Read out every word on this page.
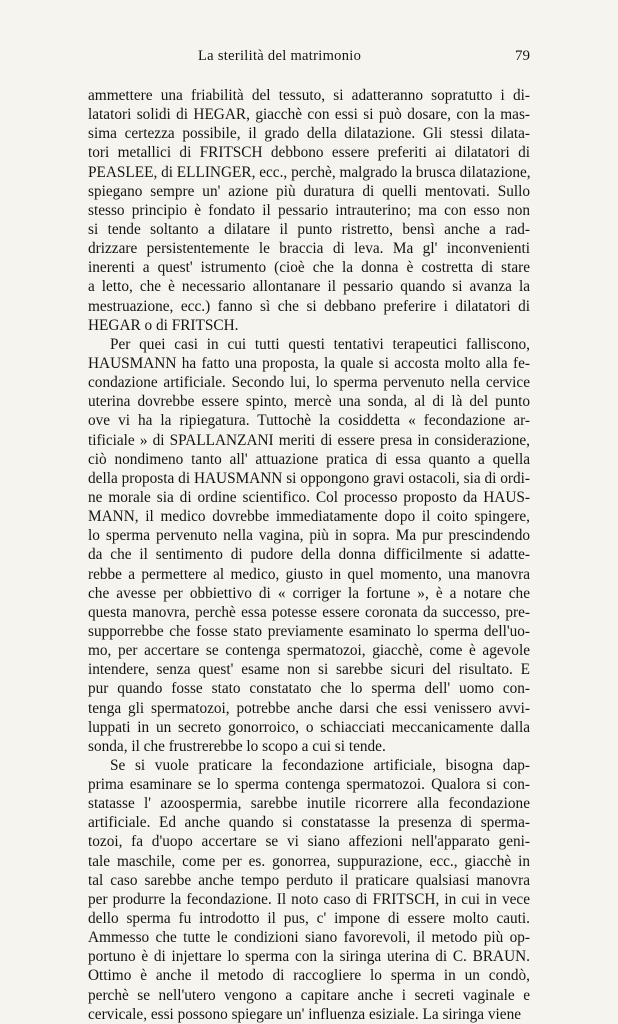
La sterilità del matrimonio	79
ammettere una friabilità del tessuto, si adatteranno sopratutto i di-
latatori solidi di HEGAR, giacchè con essi si può dosare, con la mas-
sima certezza possibile, il grado della dilatazione. Gli stessi dilata-
tori metallici di FRITSCH debbono essere preferiti ai dilatatori di
PEASLEE, di ELLINGER, ecc., perchè, malgrado la brusca dilatazione,
spiegano sempre un' azione più duratura di quelli mentovati. Sullo
stesso principio è fondato il pessario intrauterino; ma con esso non
si tende soltanto a dilatare il punto ristretto, bensì anche a rad-
drizzare persistentemente le braccia di leva. Ma gl' inconvenienti
inerenti a quest' istrumento (cioè che la donna è costretta di stare
a letto, che è necessario allontanare il pessario quando si avanza la
mestruazione, ecc.) fanno sì che si debbano preferire i dilatatori di
HEGAR o di FRITSCH.
Per quei casi in cui tutti questi tentativi terapeutici falliscono,
HAUSMANN ha fatto una proposta, la quale si accosta molto alla fe-
condazione artificiale. Secondo lui, lo sperma pervenuto nella cervice
uterina dovrebbe essere spinto, mercè una sonda, al di là del punto
ove vi ha la ripiegatura. Tuttochè la cosiddetta « fecondazione ar-
tificiale » di SPALLANZANI meriti di essere presa in considerazione,
ciò nondimeno tanto all' attuazione pratica di essa quanto a quella
della proposta di HAUSMANN si oppongono gravi ostacoli, sia di ordi-
ne morale sia di ordine scientifico. Col processo proposto da HAUS-
MANN, il medico dovrebbe immediatamente dopo il coito spingere,
lo sperma pervenuto nella vagina, più in sopra. Ma pur prescindendo
da che il sentimento di pudore della donna difficilmente si adatte-
rebbe a permettere al medico, giusto in quel momento, una manovra
che avesse per obbiettivo di « corriger la fortune », è a notare che
questa manovra, perchè essa potesse essere coronata da successo, pre-
supporrebbe che fosse stato previamente esaminato lo sperma dell'uo-
mo, per accertare se contenga spermatozoi, giacchè, come è agevole
intendere, senza quest' esame non si sarebbe sicuri del risultato. E
pur quando fosse stato constatato che lo sperma dell' uomo con-
tenga gli spermatozoi, potrebbe anche darsi che essi venissero avvi-
luppati in un secreto gonorroico, o schiacciati meccanicamente dalla
sonda, il che frustrerebbe lo scopo a cui si tende.
Se si vuole praticare la fecondazione artificiale, bisogna dap-
prima esaminare se lo sperma contenga spermatozoi. Qualora si con-
statasse l' azoospermia, sarebbe inutile ricorrere alla fecondazione
artificiale. Ed anche quando si constatasse la presenza di sperma-
tozoi, fa d'uopo accertare se vi siano affezioni nell'apparato geni-
tale maschile, come per es. gonorrea, suppurazione, ecc., giacchè in
tal caso sarebbe anche tempo perduto il praticare qualsiasi manovra
per produrre la fecondazione. Il noto caso di FRITSCH, in cui in vece
dello sperma fu introdotto il pus, c' impone di essere molto cauti.
Ammesso che tutte le condizioni siano favorevoli, il metodo più op-
portuno è di injettare lo sperma con la siringa uterina di C. BRAUN.
Ottimo è anche il metodo di raccogliere lo sperma in un condò,
perchè se nell'utero vengono a capitare anche i secreti vaginale e
cervicale, essi possono spiegare un' influenza esiziale. La siringa viene
